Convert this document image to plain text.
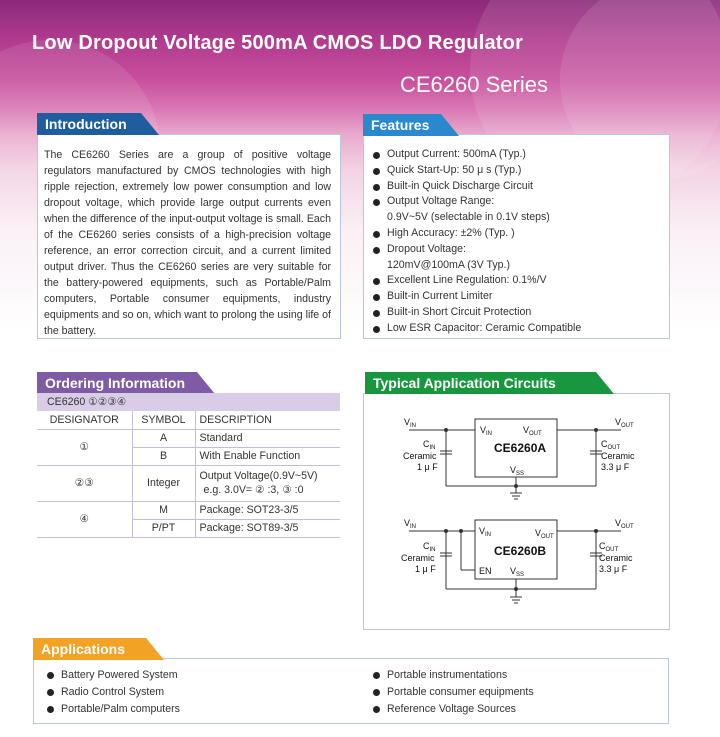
Low Dropout Voltage 500mA CMOS LDO Regulator
CE6260 Series
Introduction

The CE6260 Series are a group of positive voltage regulators manufactured by CMOS technologies with high ripple rejection, extremely low power consumption and low dropout voltage, which provide large output currents even when the difference of the input-output voltage is small. Each of the CE6260 series consists of a high-precision voltage reference, an error correction circuit, and a current limited output driver. Thus the CE6260 series are very suitable for the battery-powered equipments, such as Portable/Palm computers, Portable consumer equipments, industry equipments and so on, which want to prolong the using life of the battery.

Features
Output Current: 500mA (Typ.)
Quick Start-Up: 50 μ s (Typ.)
Built-in Quick Discharge Circuit
Output Voltage Range:
0.9V~5V (selectable in 0.1V steps)
High Accuracy: ±2% (Typ. )
Dropout Voltage:
120mV@100mA (3V Typ.)
Excellent Line Regulation: 0.1%/V
Built-in Current Limiter
Built-in Short Circuit Protection
Low ESR Capacitor: Ceramic Compatible
Ordering Information
CE6260 ①②③④
DESIGNATOR	SYMBOL	DESCRIPTION
①	A	Standard
	B	With Enable Function
②③	Integer	Output Voltage(0.9V~5V)
e.g. 3.0V= ② :3, ③ :0

④	M	Package: SOT23-3/5
	P/PT	Package: SOT89-3/5
Typical Application Circuits
$V_{IN}$	$V_{OUT}$
$V_{IN}$	$V_{OUT}$
$V_{SS}$
CE6260A
$C_{IN}$
Ceramic
1 μ F
$C_{OUT}$
Ceramic
3.3 μ F
$V_{IN}$	$V_{OUT}$
$V_{IN}$	$V_{OUT}$
$V_{SS}$
EN
CE6260B
$C_{IN}$
Ceramic
1 μ F
$C_{OUT}$
Ceramic
3.3 μ F
Applications
Battery Powered System
Radio Control System
Portable/Palm computers
Portable instrumentations
Portable consumer equipments
Reference Voltage Sources
